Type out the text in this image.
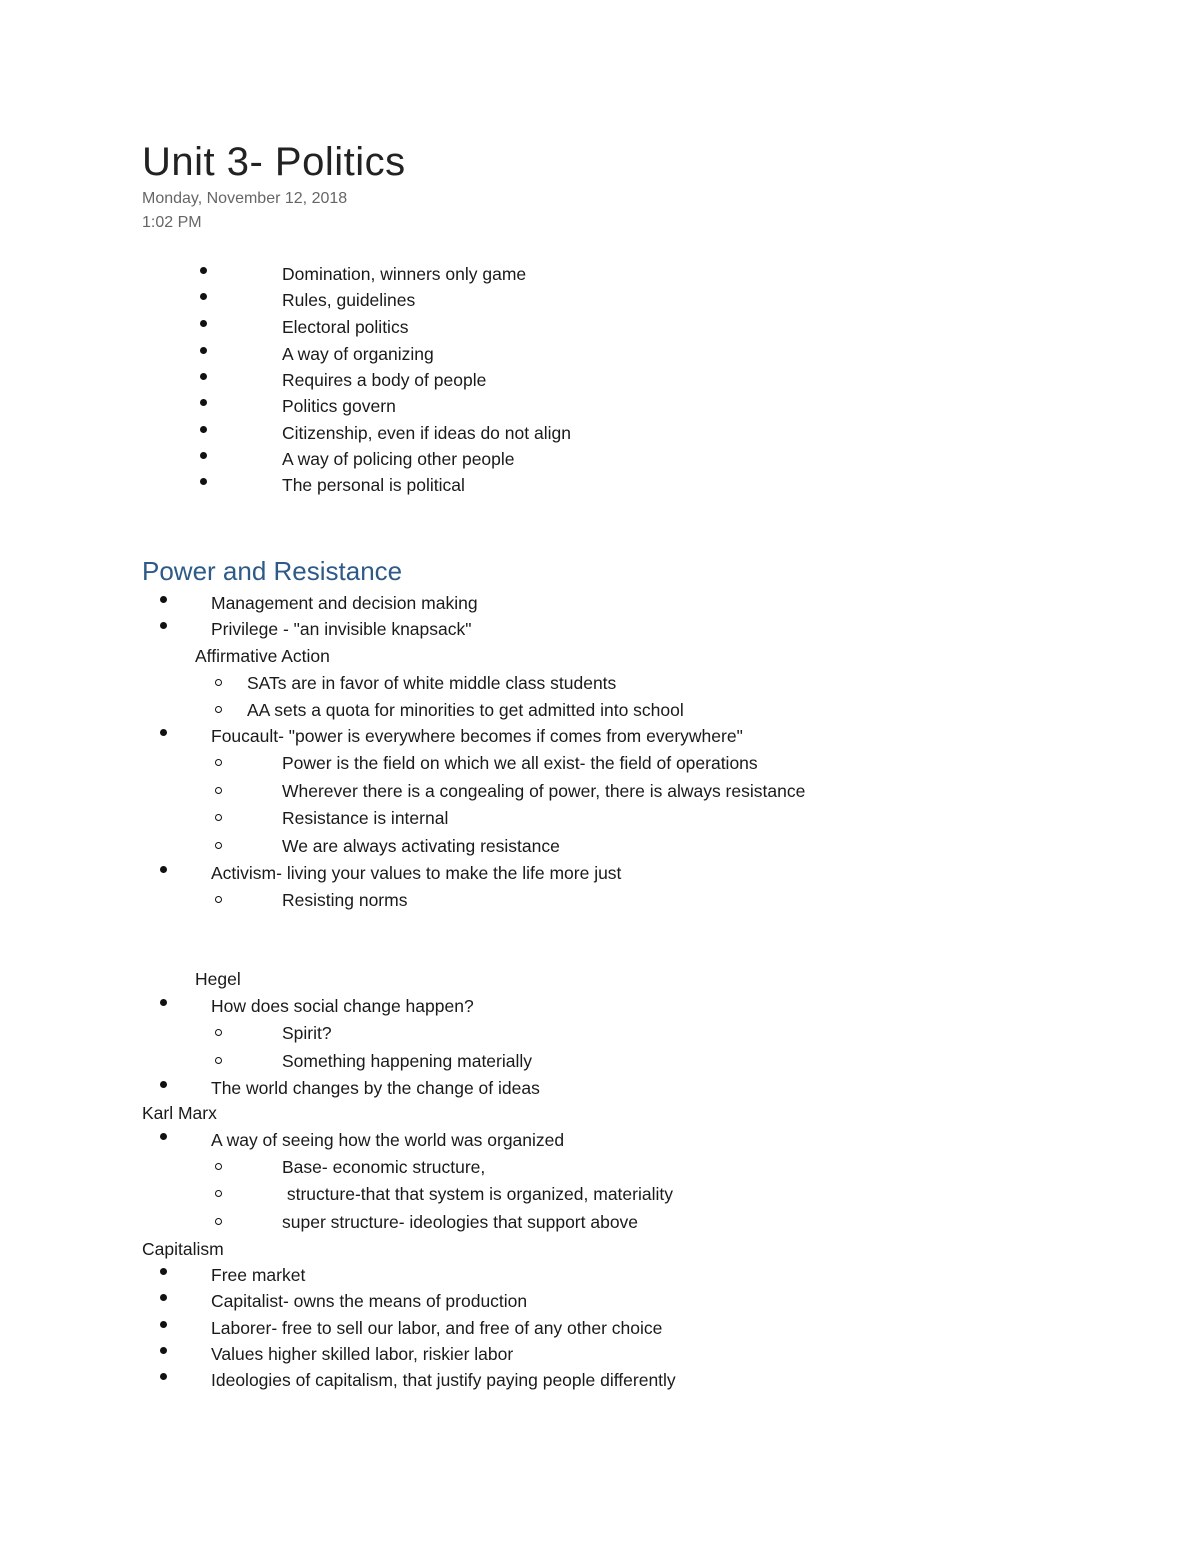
Unit 3- Politics
Monday, November 12, 2018
1:02 PM
Domination, winners only game
Rules, guidelines
Electoral politics
A way of organizing
Requires a body of people
Politics govern
Citizenship, even if ideas do not align
A way of policing other people
The personal is political
Power and Resistance
Management and decision making
Privilege - "an invisible knapsack"
Affirmative Action
SATs are in favor of white middle class students
AA sets a quota for minorities to get admitted into school
Foucault- "power is everywhere becomes if comes from everywhere"
Power is the field on which we all exist- the field of operations
Wherever there is a congealing of power, there is always resistance
Resistance is internal
We are always activating resistance
Activism- living your values to make the life more just
Resisting norms
Hegel
How does social change happen?
Spirit?
Something happening materially
The world changes by the change of ideas
Karl Marx
A way of seeing how the world was organized
Base- economic structure,
structure-that that system is organized, materiality
super structure- ideologies that support above
Capitalism
Free market
Capitalist- owns the means of production
Laborer- free to sell our labor, and free of any other choice
Values higher skilled labor, riskier labor
Ideologies of capitalism, that justify paying people differently
